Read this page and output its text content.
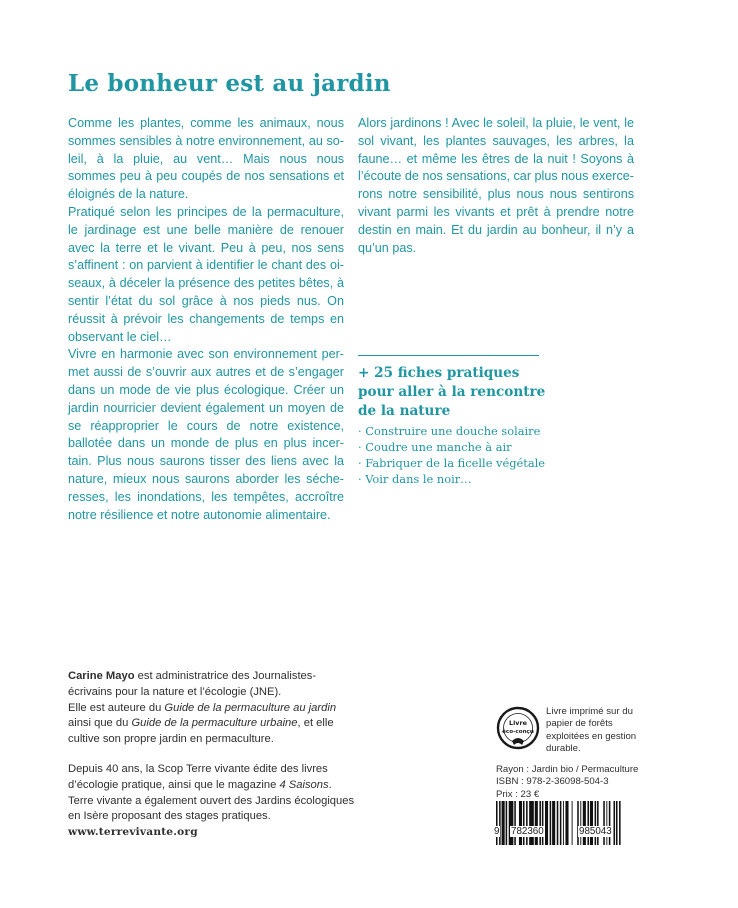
Le bonheur est au jardin

Comme les plantes, comme les animaux, nous sommes sensibles à notre environnement, au soleil, à la pluie, au vent… Mais nous nous sommes peu à peu coupés de nos sensations et éloignés de la nature.

Pratiqué selon les principes de la permaculture, le jardinage est une belle manière de renouer avec la terre et le vivant. Peu à peu, nos sens s’affinent : on parvient à identifier le chant des oiseaux, à déceler la présence des petites bêtes, à sentir l’état du sol grâce à nos pieds nus. On réussit à prévoir les changements de temps en observant le ciel…

Vivre en harmonie avec son environnement permet aussi de s’ouvrir aux autres et de s’engager dans un mode de vie plus écologique. Créer un jardin nourricier devient également un moyen de se réapproprier le cours de notre existence, ballotée dans un monde de plus en plus incertain. Plus nous saurons tisser des liens avec la nature, mieux nous saurons aborder les sécheresses, les inondations, les tempêtes, accroître notre résilience et notre autonomie alimentaire.

Alors jardinons ! Avec le soleil, la pluie, le vent, le sol vivant, les plantes sauvages, les arbres, la faune… et même les êtres de la nuit ! Soyons à l’écoute de nos sensations, car plus nous exercerons notre sensibilité, plus nous nous sentirons vivant parmi les vivants et prêt à prendre notre destin en main. Et du jardin au bonheur, il n’y a qu’un pas.

+ 25 fiches pratiques pour aller à la rencontre de la nature
· Construire une douche solaire
· Coudre une manche à air
· Fabriquer de la ficelle végétale
· Voir dans le noir…

Carine Mayo est administratrice des Journalistes-écrivains pour la nature et l’écologie (JNE).

Elle est auteure du Guide de la permaculture au jardin ainsi que du Guide de la permaculture urbaine, et elle cultive son propre jardin en permaculture.

Depuis 40 ans, la Scop Terre vivante édite des livres d’écologie pratique, ainsi que le magazine 4 Saisons. Terre vivante a également ouvert des Jardins écologiques en Isère proposant des stages pratiques.

www.terrevivante.org

Livre
éco-conçu
Livre imprimé sur du papier de forêts exploitées en gestion durable.
Rayon : Jardin bio / Permaculture
ISBN : 978-2-36098-504-3
Prix : 23 €
9 782360	985043
